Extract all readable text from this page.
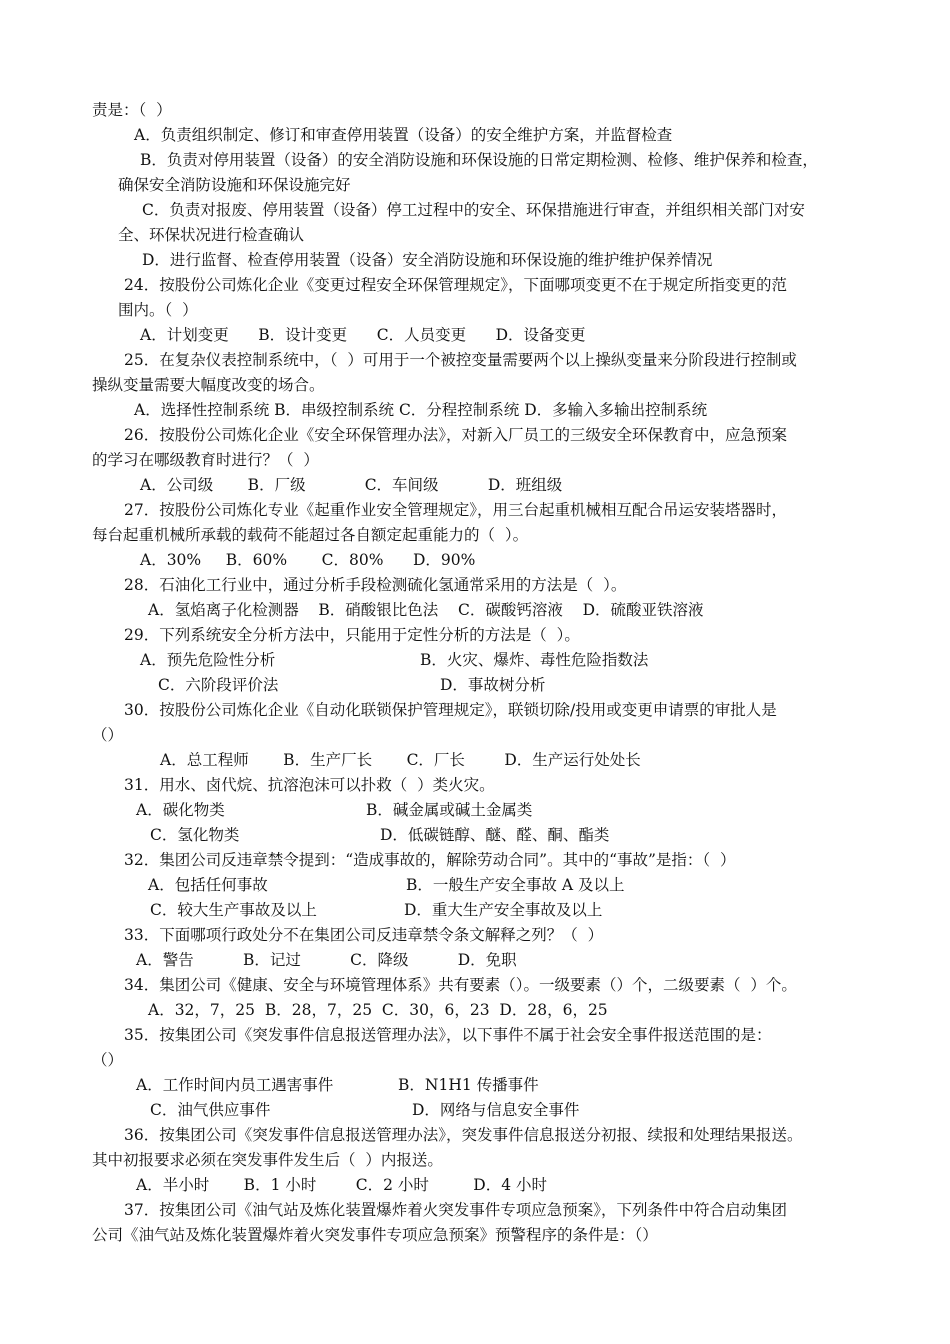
责是：（  ）
A．负责组织制定、修订和审查停用装置（设备）的安全维护方案，并监督检查
B．负责对停用装置（设备）的安全消防设施和环保设施的日常定期检测、检修、维护保养和检查，
确保安全消防设施和环保设施完好
C．负责对报废、停用装置（设备）停工过程中的安全、环保措施进行审查，并组织相关部门对安
全、环保状况进行检查确认
D．进行监督、检查停用装置（设备）安全消防设施和环保设施的维护维护保养情况
24．按股份公司炼化企业《变更过程安全环保管理规定》，下面哪项变更不在于规定所指变更的范
围内。（  ）
A．计划变更      B．设计变更      C．人员变更      D．设备变更
25．在复杂仪表控制系统中，（  ）可用于一个被控变量需要两个以上操纵变量来分阶段进行控制或
操纵变量需要大幅度改变的场合。
A．选择性控制系统 B．串级控制系统 C．分程控制系统 D．多输入多输出控制系统
26．按股份公司炼化企业《安全环保管理办法》，对新入厂员工的三级安全环保教育中，应急预案
的学习在哪级教育时进行？（  ）
A．公司级       B．厂级            C．车间级          D．班组级
27．按股份公司炼化专业《起重作业安全管理规定》，用三台起重机械相互配合吊运安装塔器时，
每台起重机械所承载的载荷不能超过各自额定起重能力的（  ）。
A．30%     B．60%       C．80%      D．90%
28．石油化工行业中，通过分析手段检测硫化氢通常采用的方法是（  ）。
A．氢焰离子化检测器    B．硝酸银比色法    C．碳酸钙溶液    D．硫酸亚铁溶液
29．下列系统安全分析方法中，只能用于定性分析的方法是（  ）。
A．预先危险性分析	B．火灾、爆炸、毒性危险指数法
C．六阶段评价法	D．事故树分析
30．按股份公司炼化企业《自动化联锁保护管理规定》，联锁切除/投用或变更申请票的审批人是
（）
A．总工程师       B．生产厂长       C．厂长        D．生产运行处处长
31．用水、卤代烷、抗溶泡沫可以扑救（  ）类火灾。
A．碳化物类	B．碱金属或碱土金属类
C．氢化物类	D．低碳链醇、醚、醛、酮、酯类
32．集团公司反违章禁令提到：“造成事故的，解除劳动合同”。其中的“事故”是指：（  ）
A．包括任何事故	B．一般生产安全事故 A 及以上
C．较大生产事故及以上	D．重大生产安全事故及以上
33．下面哪项行政处分不在集团公司反违章禁令条文解释之列？（  ）
A．警告          B．记过          C．降级          D．免职
34．集团公司《健康、安全与环境管理体系》共有要素（）。一级要素（）个，二级要素（  ）个。
A．32，7，25  B．28，7，25  C．30，6，23  D．28，6，25
35．按集团公司《突发事件信息报送管理办法》，以下事件不属于社会安全事件报送范围的是：
（）
A．工作时间内员工遇害事件	B．N1H1 传播事件
C．油气供应事件	D．网络与信息安全事件
36．按集团公司《突发事件信息报送管理办法》，突发事件信息报送分初报、续报和处理结果报送。
其中初报要求必须在突发事件发生后（  ）内报送。
A．半小时       B．1 小时        C．2 小时         D．4 小时
37．按集团公司《油气站及炼化装置爆炸着火突发事件专项应急预案》，下列条件中符合启动集团
公司《油气站及炼化装置爆炸着火突发事件专项应急预案》预警程序的条件是：（）
